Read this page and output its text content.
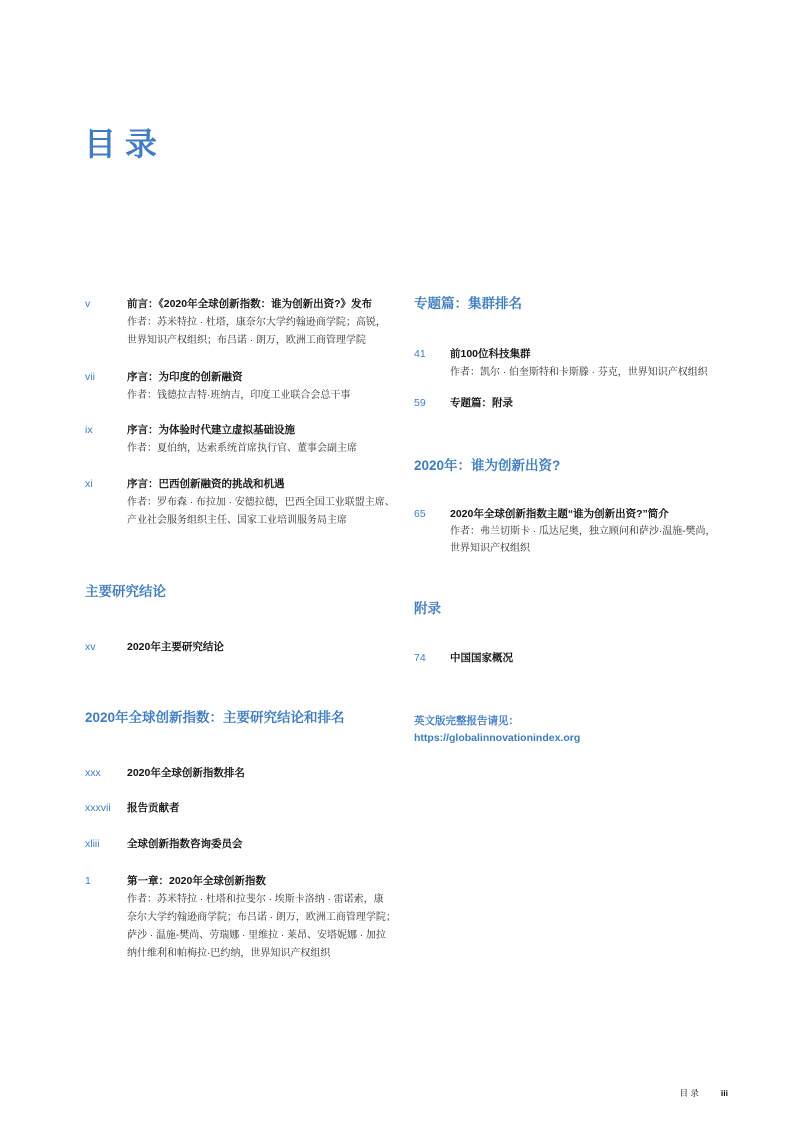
目 录
v	前言：《2020年全球创新指数：谁为创新出资?》发布
作者：苏米特拉 · 杜塔，康奈尔大学约翰逊商学院；高锐，
世界知识产权组织；布吕诺 · 朗万，欧洲工商管理学院
vii	序言：为印度的创新融资
作者：钱德拉吉特·班纳吉，印度工业联合会总干事
ix	序言：为体验时代建立虚拟基础设施
作者：夏伯纳，达索系统首席执行官、董事会副主席
xi	序言：巴西创新融资的挑战和机遇
作者：罗布森 · 布拉加 · 安德拉德，巴西全国工业联盟主席、
产业社会服务组织主任、国家工业培训服务局主席
主要研究结论
xv	2020年主要研究结论
2020年全球创新指数：主要研究结论和排名
xxx	2020年全球创新指数排名
xxxvii	报告贡献者
xliii	全球创新指数咨询委员会
1	第一章：2020年全球创新指数
作者：苏米特拉 · 杜塔和拉斐尔 · 埃斯卡洛纳 · 雷诺索，康
奈尔大学约翰逊商学院；布吕诺 · 朗万，欧洲工商管理学院；
萨沙 · 温施-樊尚、劳瑞娜 · 里维拉 · 莱昂、安塔妮娜 · 加拉
纳什维利和帕梅拉·巴约纳，世界知识产权组织
专题篇：集群排名
41	前100位科技集群
作者：凯尔 · 伯奎斯特和卡斯滕 · 芬克，世界知识产权组织
59	专题篇：附录
2020年：谁为创新出资?
65	2020年全球创新指数主题“谁为创新出资?”简介
作者：弗兰切斯卡 · 瓜达尼奥，独立顾问和萨沙·温施-樊尚，
世界知识产权组织
附录
74	中国国家概况
英文版完整报告请见：
https://globalinnovationindex.org
目 录	iii
